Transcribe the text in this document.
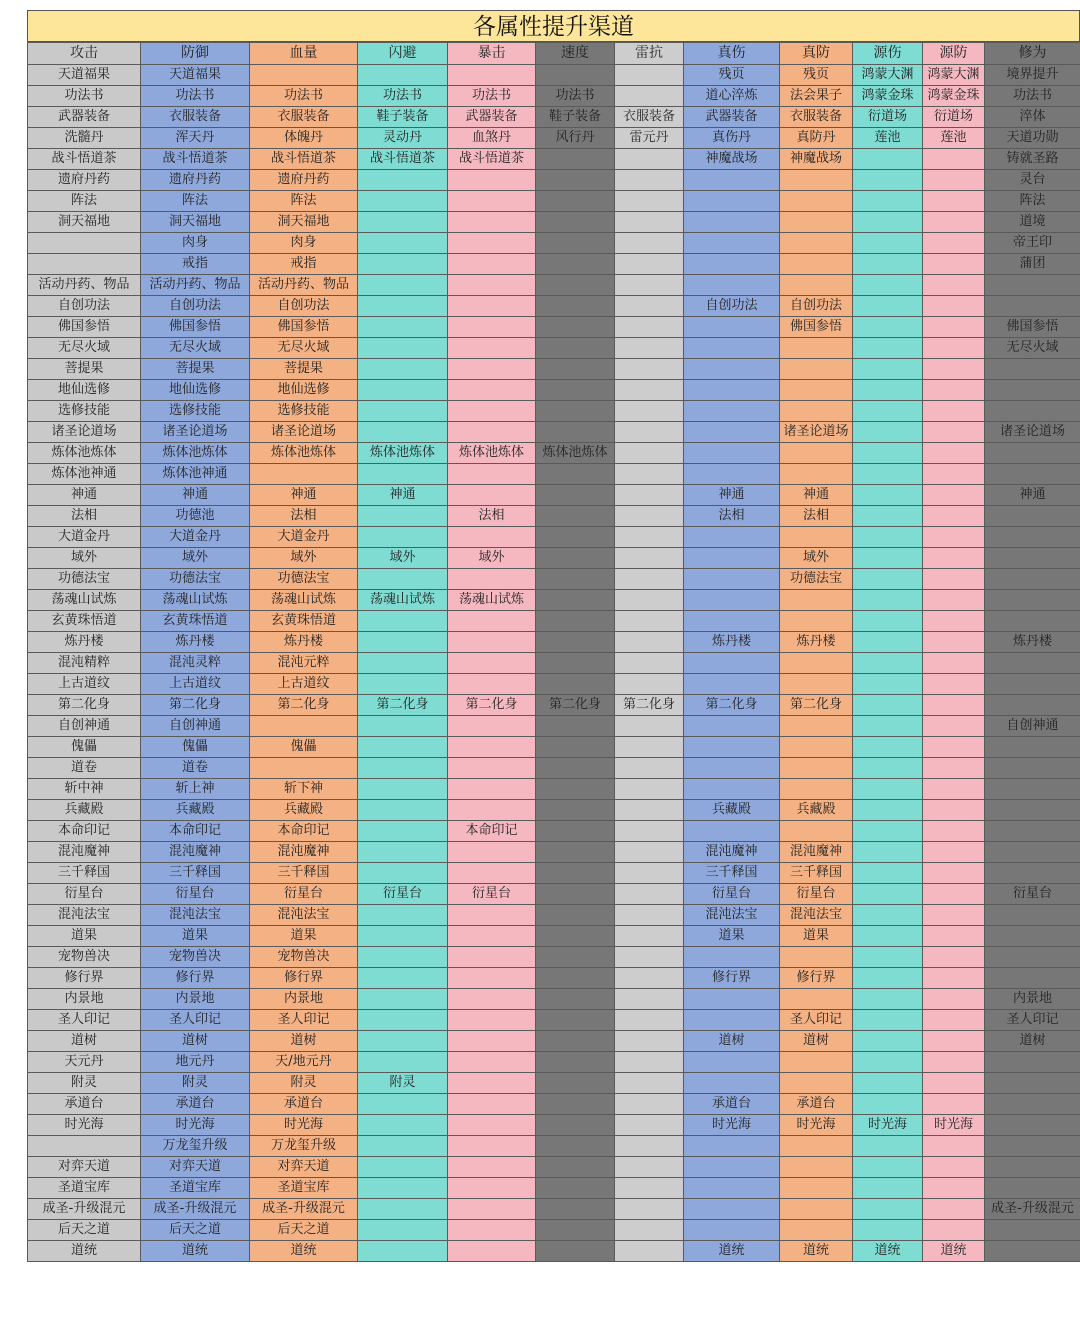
各属性提升渠道
攻击	防御	血量	闪避	暴击	速度	雷抗	真伤	真防	源伤	源防	修为
天道福果	天道福果						残页	残页	鸿蒙大渊	鸿蒙大渊	境界提升
功法书	功法书	功法书	功法书	功法书	功法书		道心淬炼	法会果子	鸿蒙金珠	鸿蒙金珠	功法书
武器装备	衣服装备	衣服装备	鞋子装备	武器装备	鞋子装备	衣服装备	武器装备	衣服装备	衍道场	衍道场	淬体
洗髓丹	浑天丹	体魄丹	灵动丹	血煞丹	风行丹	雷元丹	真伤丹	真防丹	莲池	莲池	天道功勋
战斗悟道茶	战斗悟道茶	战斗悟道茶	战斗悟道茶	战斗悟道茶			神魔战场	神魔战场			铸就圣路
遗府丹药	遗府丹药	遗府丹药									灵台
阵法	阵法	阵法									阵法
洞天福地	洞天福地	洞天福地									道境
	肉身	肉身									帝王印
	戒指	戒指									蒲团
活动丹药、物品	活动丹药、物品	活动丹药、物品									
自创功法	自创功法	自创功法					自创功法	自创功法			
佛国参悟	佛国参悟	佛国参悟						佛国参悟			佛国参悟
无尽火域	无尽火域	无尽火域									无尽火域
菩提果	菩提果	菩提果									
地仙选修	地仙选修	地仙选修									
选修技能	选修技能	选修技能									
诸圣论道场	诸圣论道场	诸圣论道场						诸圣论道场			诸圣论道场
炼体池炼体	炼体池炼体	炼体池炼体	炼体池炼体	炼体池炼体	炼体池炼体						
炼体池神通	炼体池神通										
神通	神通	神通	神通				神通	神通			神通
法相	功德池	法相		法相			法相	法相			
大道金丹	大道金丹	大道金丹									
域外	域外	域外	域外	域外				域外			
功德法宝	功德法宝	功德法宝						功德法宝			
荡魂山试炼	荡魂山试炼	荡魂山试炼	荡魂山试炼	荡魂山试炼							
玄黄珠悟道	玄黄珠悟道	玄黄珠悟道									
炼丹楼	炼丹楼	炼丹楼					炼丹楼	炼丹楼			炼丹楼
混沌精粹	混沌灵粹	混沌元粹									
上古道纹	上古道纹	上古道纹									
第二化身	第二化身	第二化身	第二化身	第二化身	第二化身	第二化身	第二化身	第二化身			
自创神通	自创神通										自创神通
傀儡	傀儡	傀儡									
道卷	道卷										
斩中神	斩上神	斩下神									
兵藏殿	兵藏殿	兵藏殿					兵藏殿	兵藏殿			
本命印记	本命印记	本命印记		本命印记							
混沌魔神	混沌魔神	混沌魔神					混沌魔神	混沌魔神			
三千释国	三千释国	三千释国					三千释国	三千释国			
衍星台	衍星台	衍星台	衍星台	衍星台			衍星台	衍星台			衍星台
混沌法宝	混沌法宝	混沌法宝					混沌法宝	混沌法宝			
道果	道果	道果					道果	道果			
宠物兽决	宠物兽决	宠物兽决									
修行界	修行界	修行界					修行界	修行界			
内景地	内景地	内景地									内景地
圣人印记	圣人印记	圣人印记						圣人印记			圣人印记
道树	道树	道树					道树	道树			道树
天元丹	地元丹	天/地元丹									
附灵	附灵	附灵	附灵								
承道台	承道台	承道台					承道台	承道台			
时光海	时光海	时光海					时光海	时光海	时光海	时光海	
	万龙玺升级	万龙玺升级									
对弈天道	对弈天道	对弈天道									
圣道宝库	圣道宝库	圣道宝库									
成圣-升级混元	成圣-升级混元	成圣-升级混元									成圣-升级混元
后天之道	后天之道	后天之道									
道统	道统	道统					道统	道统	道统	道统	
